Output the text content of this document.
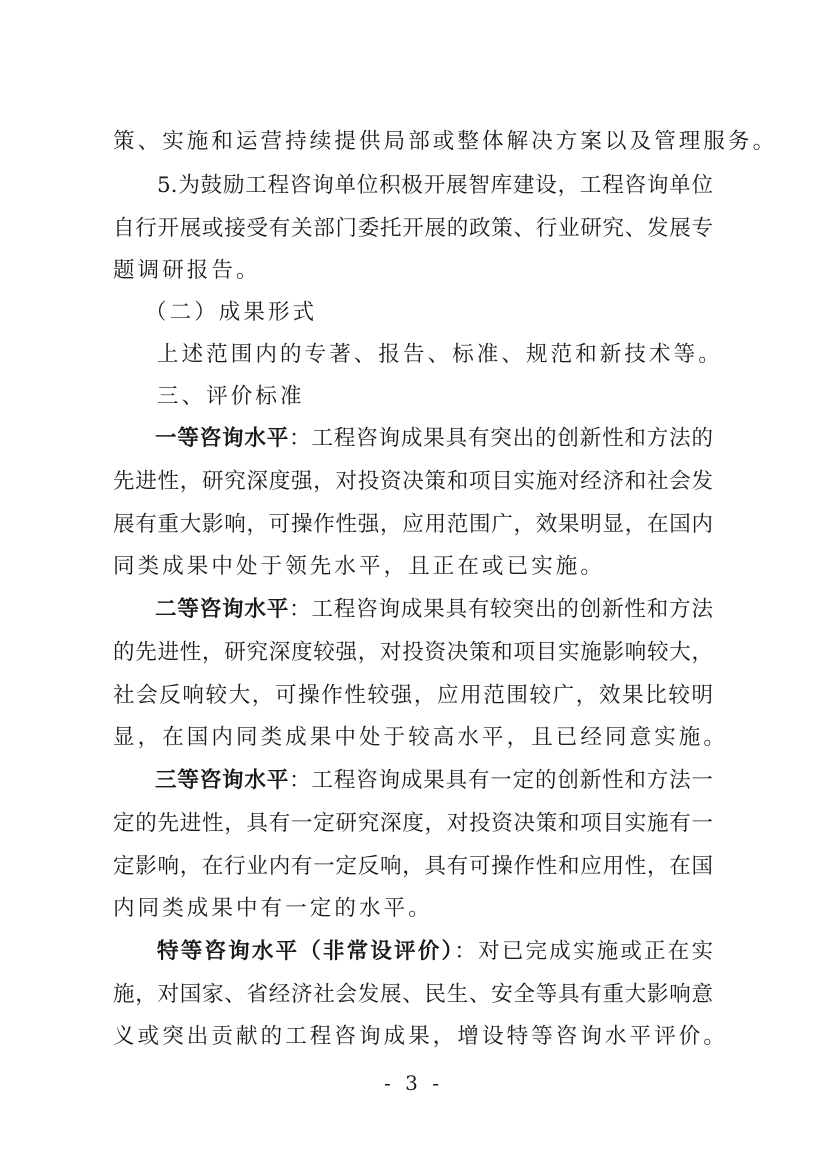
策、实施和运营持续提供局部或整体解决方案以及管理服务。
5.为鼓励工程咨询单位积极开展智库建设，工程咨询单位
自行开展或接受有关部门委托开展的政策、行业研究、发展专
题调研报告。
（二）成果形式
上述范围内的专著、报告、标准、规范和新技术等。
三、评价标准
一等咨询水平：工程咨询成果具有突出的创新性和方法的
先进性，研究深度强，对投资决策和项目实施对经济和社会发
展有重大影响，可操作性强，应用范围广，效果明显，在国内
同类成果中处于领先水平，且正在或已实施。
二等咨询水平：工程咨询成果具有较突出的创新性和方法
的先进性，研究深度较强，对投资决策和项目实施影响较大，
社会反响较大，可操作性较强，应用范围较广，效果比较明
显，在国内同类成果中处于较高水平，且已经同意实施。
三等咨询水平：工程咨询成果具有一定的创新性和方法一
定的先进性，具有一定研究深度，对投资决策和项目实施有一
定影响，在行业内有一定反响，具有可操作性和应用性，在国
内同类成果中有一定的水平。
特等咨询水平（非常设评价）：对已完成实施或正在实
施，对国家、省经济社会发展、民生、安全等具有重大影响意
义或突出贡献的工程咨询成果，增设特等咨询水平评价。
- 3 -
